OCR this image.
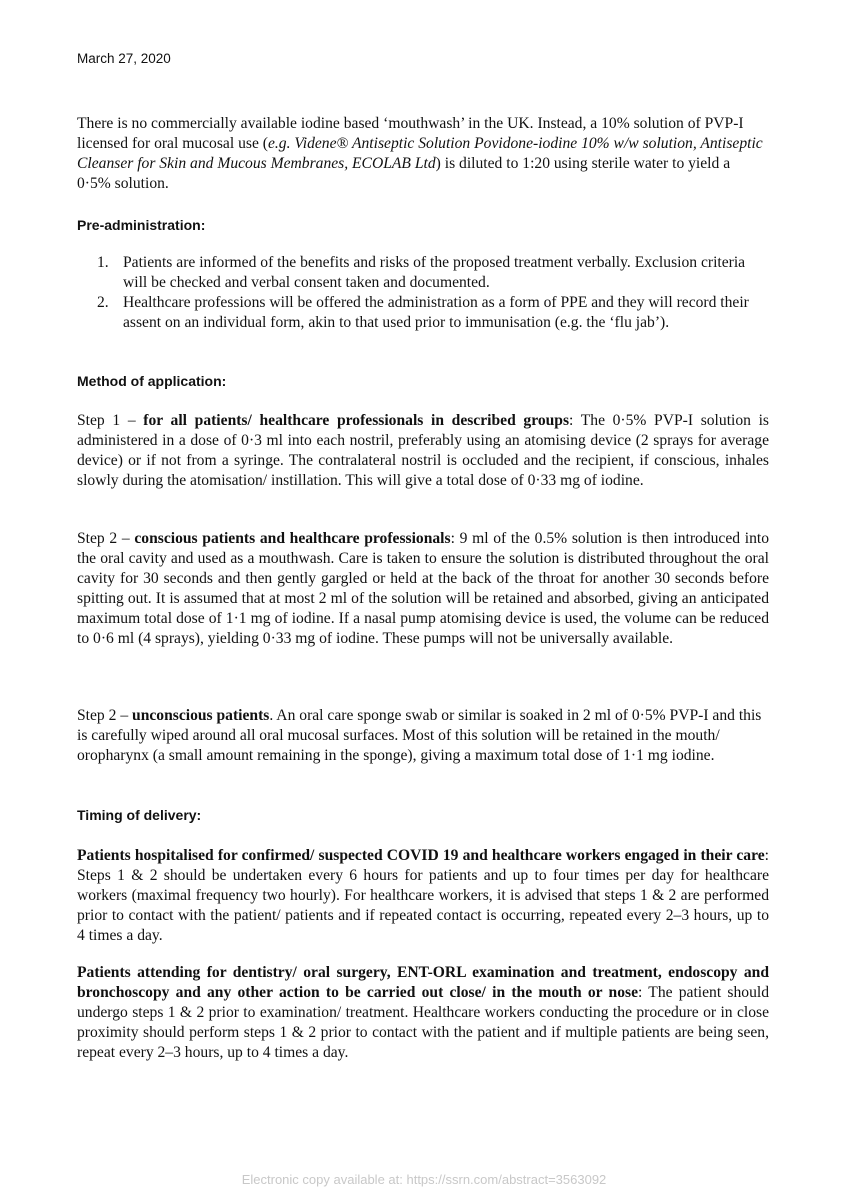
March 27, 2020

There is no commercially available iodine based ‘mouthwash’ in the UK. Instead, a 10% solution of PVP-I licensed for oral mucosal use (e.g. Videne® Antiseptic Solution Povidone-iodine 10% w/w solution, Antiseptic Cleanser for Skin and Mucous Membranes, ECOLAB Ltd) is diluted to 1:20 using sterile water to yield a 0·5% solution.

Pre-administration:
1. Patients are informed of the benefits and risks of the proposed treatment verbally. Exclusion criteria will be checked and verbal consent taken and documented.
2. Healthcare professions will be offered the administration as a form of PPE and they will record their assent on an individual form, akin to that used prior to immunisation (e.g. the ‘flu jab’).
Method of application:

Step 1 – for all patients/ healthcare professionals in described groups: The 0·5% PVP-I solution is administered in a dose of 0·3 ml into each nostril, preferably using an atomising device (2 sprays for average device) or if not from a syringe. The contralateral nostril is occluded and the recipient, if conscious, inhales slowly during the atomisation/ instillation. This will give a total dose of 0·33 mg of iodine.

Step 2 – conscious patients and healthcare professionals: 9 ml of the 0.5% solution is then introduced into the oral cavity and used as a mouthwash. Care is taken to ensure the solution is distributed throughout the oral cavity for 30 seconds and then gently gargled or held at the back of the throat for another 30 seconds before spitting out. It is assumed that at most 2 ml of the solution will be retained and absorbed, giving an anticipated maximum total dose of 1·1 mg of iodine. If a nasal pump atomising device is used, the volume can be reduced to 0·6 ml (4 sprays), yielding 0·33 mg of iodine. These pumps will not be universally available.

Step 2 – unconscious patients. An oral care sponge swab or similar is soaked in 2 ml of 0·5% PVP-I and this is carefully wiped around all oral mucosal surfaces. Most of this solution will be retained in the mouth/ oropharynx (a small amount remaining in the sponge), giving a maximum total dose of 1·1 mg iodine.

Timing of delivery:

Patients hospitalised for confirmed/ suspected COVID 19 and healthcare workers engaged in their care: Steps 1 & 2 should be undertaken every 6 hours for patients and up to four times per day for healthcare workers (maximal frequency two hourly). For healthcare workers, it is advised that steps 1 & 2 are performed prior to contact with the patient/ patients and if repeated contact is occurring, repeated every 2–3 hours, up to 4 times a day.

Patients attending for dentistry/ oral surgery, ENT-ORL examination and treatment, endoscopy and bronchoscopy and any other action to be carried out close/ in the mouth or nose: The patient should undergo steps 1 & 2 prior to examination/ treatment. Healthcare workers conducting the procedure or in close proximity should perform steps 1 & 2 prior to contact with the patient and if multiple patients are being seen, repeat every 2–3 hours, up to 4 times a day.

Electronic copy available at: https://ssrn.com/abstract=3563092
